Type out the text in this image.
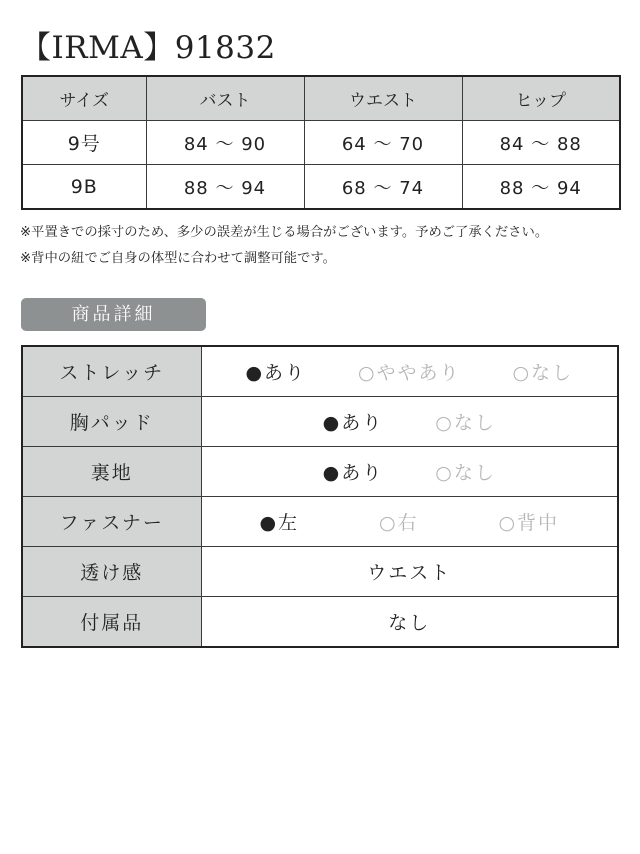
【IRMA】91832
サイズ	バスト	ウエスト	ヒップ
9号	84 〜 90	64 〜 70	84 〜 88
9B	88 〜 94	68 〜 74	88 〜 94
※平置きでの採寸のため、多少の誤差が生じる場合がございます。予めご了承ください。
※背中の紐でご自身の体型に合わせて調整可能です。
商品詳細
ストレッチ	●あり ○ややあり ○なし

胸パッド	●あり ○なし

裏地	●あり ○なし

ファスナー	●左 ○右 ○背中

透け感	ウエスト
付属品	なし
